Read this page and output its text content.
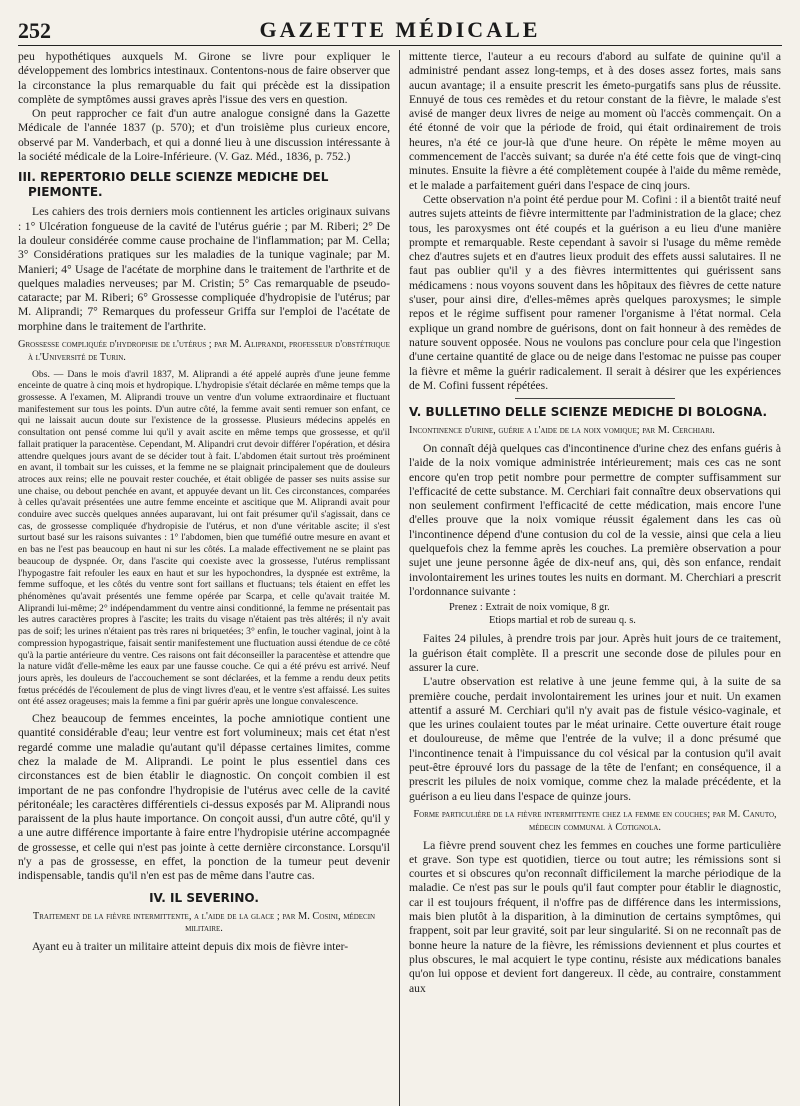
252	GAZETTE MÉDICALE

peu hypothétiques auxquels M. Girone se livre pour expliquer le développement des lombrics intestinaux. Contentons-nous de faire observer que la circonstance la plus remarquable du fait qui précède est la dissipation complète de symptômes aussi graves après l'issue des vers en question.

On peut rapprocher ce fait d'un autre analogue consigné dans la Gazette Médicale de l'année 1837 (p. 570); et d'un troisième plus curieux encore, observé par M. Vanderbach, et qui a donné lieu à une discussion intéressante à la société médicale de la Loire-Inférieure. (V. Gaz. Méd., 1836, p. 752.)

III. REPERTORIO DELLE SCIENZE MEDICHE DEL PIEMONTE.

Les cahiers des trois derniers mois contiennent les articles originaux suivans : 1° Ulcération fongueuse de la cavité de l'utérus guérie ; par M. Riberi; 2° De la douleur considérée comme cause prochaine de l'inflammation; par M. Cella; 3° Considérations pratiques sur les maladies de la tunique vaginale; par M. Manieri; 4° Usage de l'acétate de morphine dans le traitement de l'arthrite et de quelques maladies nerveuses; par M. Cristin; 5° Cas remarquable de pseudo-cataracte; par M. Riberi; 6° Grossesse compliquée d'hydropisie de l'utérus; par M. Aliprandi; 7° Remarques du professeur Griffa sur l'emploi de l'acétate de morphine dans le traitement de l'arthrite.

Grossesse compliquée d'hydropisie de l'utérus ; par M. Aliprandi, professeur d'obstétrique à l'Université de Turin.

Obs. — Dans le mois d'avril 1837, M. Aliprandi a été appelé auprès d'une jeune femme enceinte de quatre à cinq mois et hydropique. L'hydropisie s'était déclarée en même temps que la grossesse. A l'examen, M. Aliprandi trouve un ventre d'un volume extraordinaire et fluctuant manifestement sur tous les points. D'un autre côté, la femme avait senti remuer son enfant, ce qui ne laissait aucun doute sur l'existence de la grossesse. Plusieurs médecins appelés en consultation ont pensé comme lui qu'il y avait ascite en même temps que grossesse, et qu'il fallait pratiquer la paracentèse. Cependant, M. Alipandri crut devoir différer l'opération, et désira attendre quelques jours avant de se décider tout à fait. L'abdomen était surtout très proéminent en avant, il tombait sur les cuisses, et la femme ne se plaignait principalement que de douleurs atroces aux reins; elle ne pouvait rester couchée, et était obligée de passer ses nuits assise sur une chaise, ou debout penchée en avant, et appuyée devant un lit. Ces circonstances, comparées à celles qu'avait présentées une autre femme enceinte et ascitique que M. Aliprandi avait pour conduire avec succès quelques années auparavant, lui ont fait présumer qu'il s'agissait, dans ce cas, de grossesse compliquée d'hydropisie de l'utérus, et non d'une véritable ascite; il s'est surtout basé sur les raisons suivantes : 1° l'abdomen, bien que tuméfié outre mesure en avant et en bas ne l'est pas beaucoup en haut ni sur les côtés. La malade effectivement ne se plaint pas beaucoup de dyspnée. Or, dans l'ascite qui coexiste avec la grossesse, l'utérus remplissant l'hypogastre fait refouler les eaux en haut et sur les hypochondres, la dyspnée est extrême, la femme suffoque, et les côtés du ventre sont fort saillans et fluctuans; tels étaient en effet les phénomènes qu'avait présentés une femme opérée par Scarpa, et celle qu'avait traitée M. Aliprandi lui-même; 2° indépendamment du ventre ainsi conditionné, la femme ne présentait pas les autres caractères propres à l'ascite; les traits du visage n'étaient pas très altérés; il n'y avait pas de soif; les urines n'étaient pas très rares ni briquetées; 3° enfin, le toucher vaginal, joint à la compression hypogastrique, faisait sentir manifestement une fluctuation aussi étendue de ce côté qu'à la partie antérieure du ventre. Ces raisons ont fait déconseiller la paracentèse et attendre que la nature vidât d'elle-même les eaux par une fausse couche. Ce qui a été prévu est arrivé. Neuf jours après, les douleurs de l'accouchement se sont déclarées, et la femme a rendu deux petits fœtus précédés de l'écoulement de plus de vingt livres d'eau, et le ventre s'est affaissé. Les suites ont été assez orageuses; mais la femme a fini par guérir après une longue convalescence.

Chez beaucoup de femmes enceintes, la poche amniotique contient une quantité considérable d'eau; leur ventre est fort volumineux; mais cet état n'est regardé comme une maladie qu'autant qu'il dépasse certaines limites, comme chez la malade de M. Aliprandi. Le point le plus essentiel dans ces circonstances est de bien établir le diagnostic. On conçoit combien il est important de ne pas confondre l'hydropisie de l'utérus avec celle de la cavité péritonéale; les caractères différentiels ci-dessus exposés par M. Aliprandi nous paraissent de la plus haute importance. On conçoit aussi, d'un autre côté, qu'il y a une autre différence importante à faire entre l'hydropisie utérine accompagnée de grossesse, et celle qui n'est pas jointe à cette dernière circonstance. Lorsqu'il n'y a pas de grossesse, en effet, la ponction de la tumeur peut devenir indispensable, tandis qu'il n'en est pas de même dans l'autre cas.

IV. IL SEVERINO.
Traitement de la fièvre intermittente, a l'aide de la glace ; par M. Cosini, médecin militaire.

Ayant eu à traiter un militaire atteint depuis dix mois de fièvre inter-

mittente tierce, l'auteur a eu recours d'abord au sulfate de quinine qu'il a administré pendant assez long-temps, et à des doses assez fortes, mais sans aucun avantage; il a ensuite prescrit les émeto-purgatifs sans plus de réussite. Ennuyé de tous ces remèdes et du retour constant de la fièvre, le malade s'est avisé de manger deux livres de neige au moment où l'accès commençait. On a été étonné de voir que la période de froid, qui était ordinairement de trois heures, n'a été ce jour-là que d'une heure. On répète le même moyen au commencement de l'accès suivant; sa durée n'a été cette fois que de vingt-cinq minutes. Ensuite la fièvre a été complètement coupée à l'aide du même remède, et le malade a parfaitement guéri dans l'espace de cinq jours.

Cette observation n'a point été perdue pour M. Cofini : il a bientôt traité neuf autres sujets atteints de fièvre intermittente par l'administration de la glace; chez tous, les paroxysmes ont été coupés et la guérison a eu lieu d'une manière prompte et remarquable. Reste cependant à savoir si l'usage du même remède chez d'autres sujets et en d'autres lieux produit des effets aussi salutaires. Il ne faut pas oublier qu'il y a des fièvres intermittentes qui guérissent sans médicamens : nous voyons souvent dans les hôpitaux des fièvres de cette nature s'user, pour ainsi dire, d'elles-mêmes après quelques paroxysmes; le simple repos et le régime suffisent pour ramener l'organisme à l'état normal. Cela explique un grand nombre de guérisons, dont on fait honneur à des remèdes de nature souvent opposée. Nous ne voulons pas conclure pour cela que l'ingestion d'une certaine quantité de glace ou de neige dans l'estomac ne puisse pas couper la fièvre et même la guérir radicalement. Il serait à désirer que les expériences de M. Cofini fussent répétées.

V. BULLETINO DELLE SCIENZE MEDICHE DI BOLOGNA.
Incontinence d'urine, guérie a l'aide de la noix vomique; par M. Cerchiari.

On connaît déjà quelques cas d'incontinence d'urine chez des enfans guéris à l'aide de la noix vomique administrée intérieurement; mais ces cas ne sont encore qu'en trop petit nombre pour permettre de compter suffisamment sur l'efficacité de cette substance. M. Cerchiari fait connaître deux observations qui non seulement confirment l'efficacité de cette médication, mais encore l'une d'elles prouve que la noix vomique réussit également dans les cas où l'incontinence dépend d'une contusion du col de la vessie, ainsi que cela a lieu quelquefois chez la femme après les couches. La première observation a pour sujet une jeune personne âgée de dix-neuf ans, qui, dès son enfance, rendait involontairement les urines toutes les nuits en dormant. M. Cherchiari a prescrit l'ordonnance suivante :

Prenez : Extrait de noix vomique, 8 gr.
Etiops martial et rob de sureau q. s.

Faites 24 pilules, à prendre trois par jour. Après huit jours de ce traitement, la guérison était complète. Il a prescrit une seconde dose de pilules pour en assurer la cure.

L'autre observation est relative à une jeune femme qui, à la suite de sa première couche, perdait involontairement les urines jour et nuit. Un examen attentif a assuré M. Cerchiari qu'il n'y avait pas de fistule vésico-vaginale, et que les urines coulaient toutes par le méat urinaire. Cette ouverture était rouge et douloureuse, de même que l'entrée de la vulve; il a donc présumé que l'incontinence tenait à l'impuissance du col vésical par la contusion qu'il avait peut-être éprouvé lors du passage de la tête de l'enfant; en conséquence, il a prescrit les pilules de noix vomique, comme chez la malade précédente, et la guérison a eu lieu dans l'espace de quinze jours.

Forme particulière de la fièvre intermittente chez la femme en couches; par M. Canuto, médecin communal à Cotignola.

La fièvre prend souvent chez les femmes en couches une forme particulière et grave. Son type est quotidien, tierce ou tout autre; les rémissions sont si courtes et si obscures qu'on reconnaît difficilement la marche périodique de la maladie. Ce n'est pas sur le pouls qu'il faut compter pour établir le diagnostic, car il est toujours fréquent, il n'offre pas de différence dans les intermissions, mais bien plutôt à la disparition, à la diminution de certains symptômes, qui frappent, soit par leur gravité, soit par leur singularité. Si on ne reconnaît pas de bonne heure la nature de la fièvre, les rémissions deviennent et plus courtes et plus obscures, le mal acquiert le type continu, résiste aux médications banales qu'on lui oppose et devient fort dangereux. Il cède, au contraire, constamment aux
